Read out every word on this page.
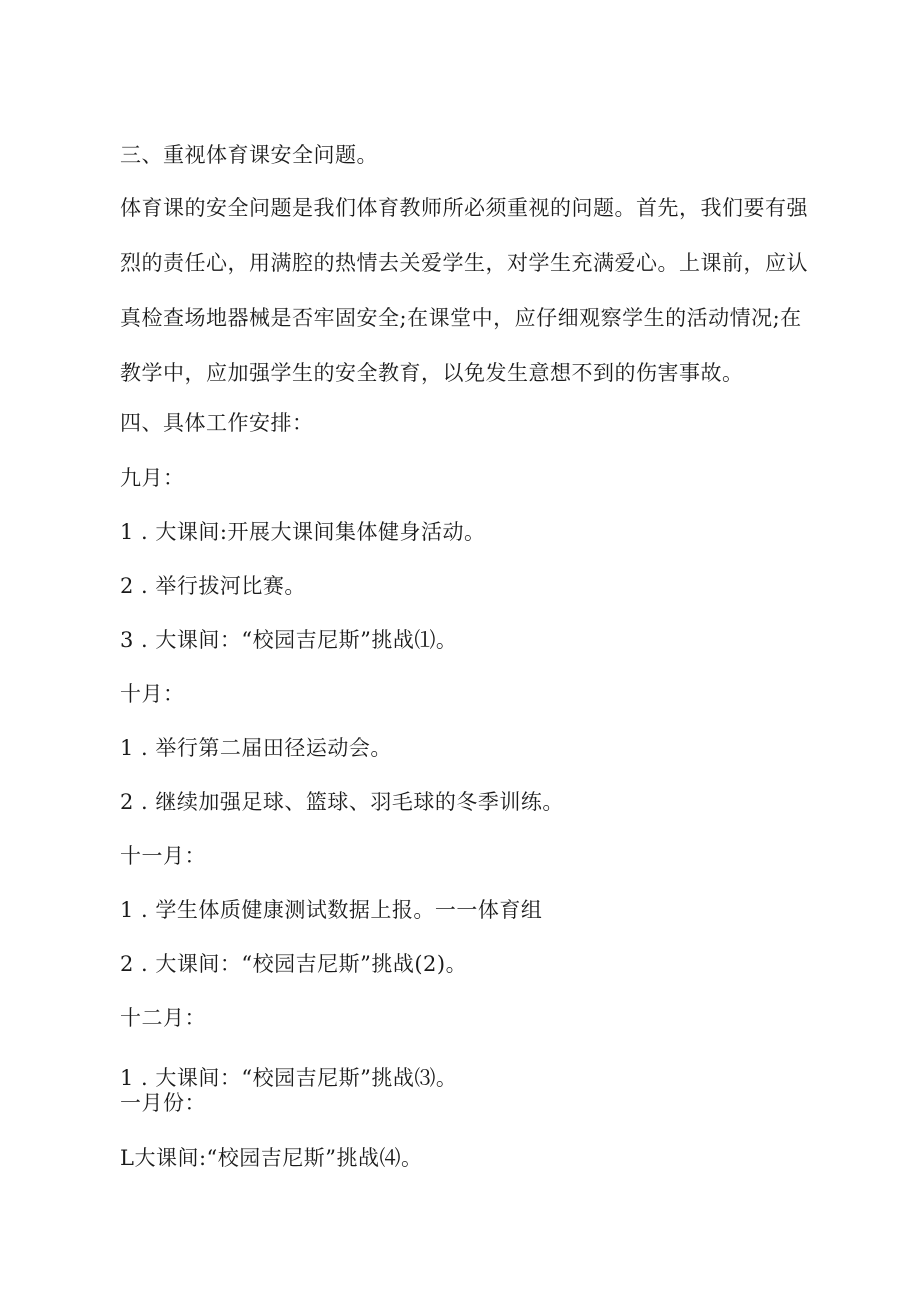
三、重视体育课安全问题。
体育课的安全问题是我们体育教师所必须重视的问题。首先，我们要有强烈的责任心，用满腔的热情去关爱学生，对学生充满爱心。上课前，应认真检查场地器械是否牢固安全;在课堂中，应仔细观察学生的活动情况;在教学中，应加强学生的安全教育，以免发生意想不到的伤害事故。
四、具体工作安排：
九月：
1 . 大课间:开展大课间集体健身活动。
2 . 举行拔河比赛。
3 . 大课间：“校园吉尼斯”挑战⑴。
十月：
1 . 举行第二届田径运动会。
2 . 继续加强足球、篮球、羽毛球的冬季训练。
十一月：
1 . 学生体质健康测试数据上报。一一体育组
2 . 大课间：“校园吉尼斯”挑战(2)。
十二月：
1 . 大课间：“校园吉尼斯”挑战⑶。
一月份：
L大课间:“校园吉尼斯”挑战⑷。
